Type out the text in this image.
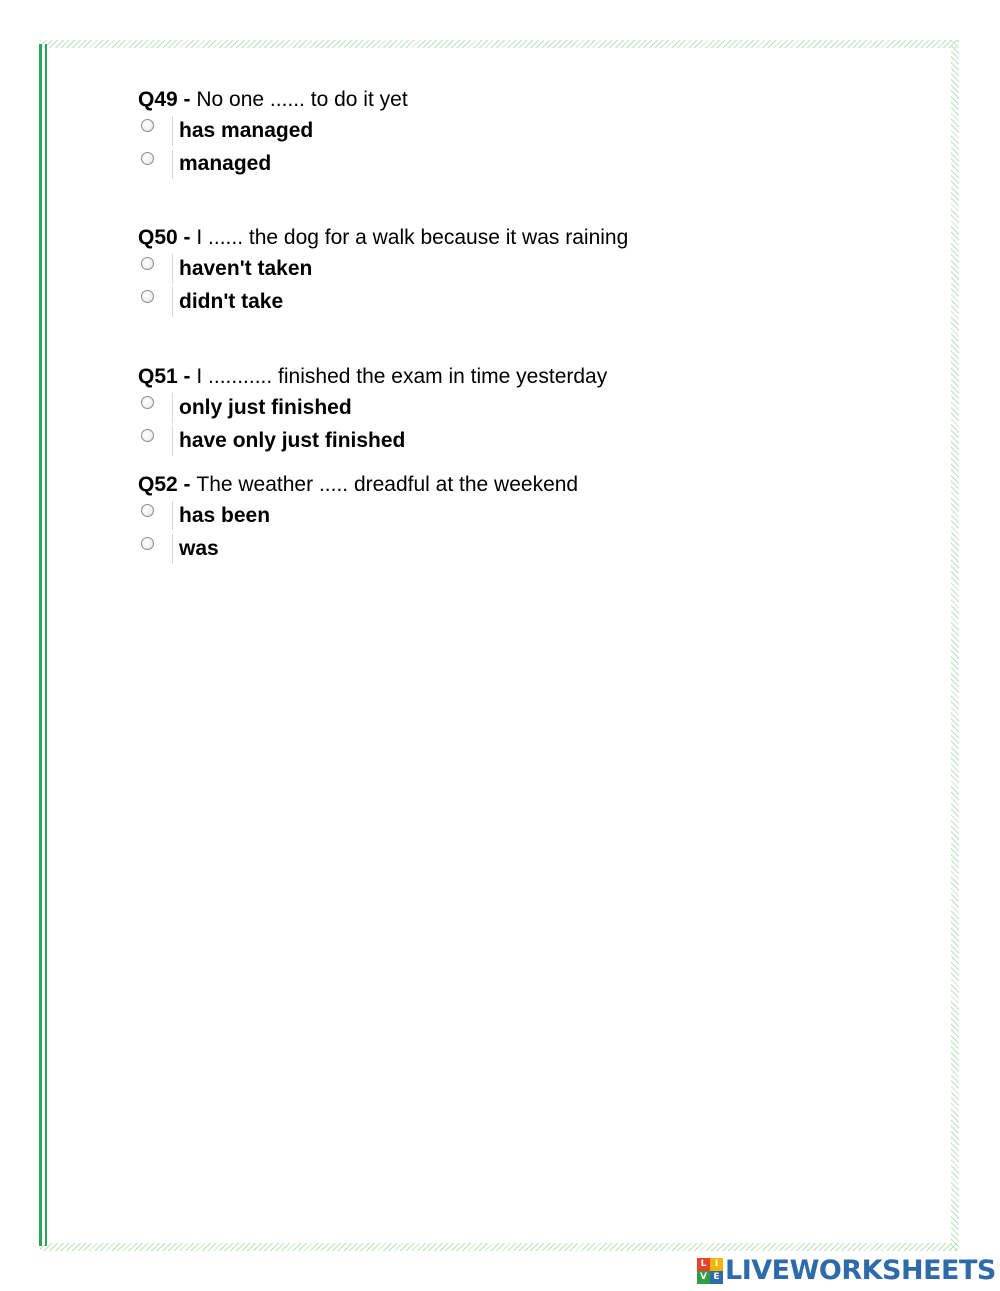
Q49 - No one ...... to do it yet
has managed
managed
Q50 - I ...... the dog for a walk because it was raining
haven't taken
didn't take
Q51 - I ........... finished the exam in time yesterday
only just finished
have only just finished
Q52 - The weather ..... dreadful at the weekend
has been
was
L I
V E LIVEWORKSHEETS
